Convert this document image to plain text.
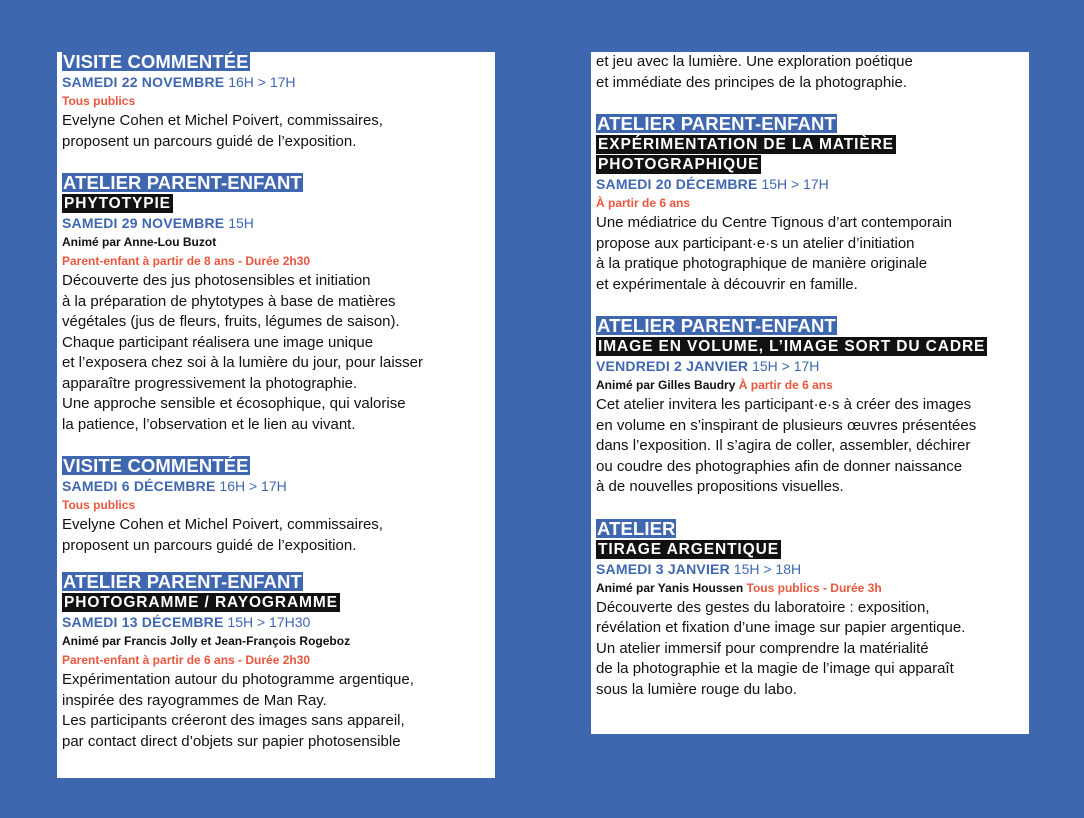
VISITE COMMENTÉE
SAMEDI 22 NOVEMBRE 16H > 17H
Tous publics

Evelyne Cohen et Michel Poivert, commissaires,
proposent un parcours guidé de l’exposition.

ATELIER PARENT-ENFANT
PHYTOTYPIE
SAMEDI 29 NOVEMBRE 15H
Animé par Anne-Lou Buzot
Parent-enfant à partir de 8 ans - Durée 2h30

Découverte des jus photosensibles et initiation
à la préparation de phytotypes à base de matières
végétales (jus de fleurs, fruits, légumes de saison).
Chaque participant réalisera une image unique
et l’exposera chez soi à la lumière du jour, pour laisser
apparaître progressivement la photographie.
Une approche sensible et écosophique, qui valorise
la patience, l’observation et le lien au vivant.

VISITE COMMENTÉE
SAMEDI 6 DÉCEMBRE 16H > 17H
Tous publics

Evelyne Cohen et Michel Poivert, commissaires,
proposent un parcours guidé de l’exposition.

ATELIER PARENT-ENFANT
PHOTOGRAMME / RAYOGRAMME
SAMEDI 13 DÉCEMBRE 15H > 17H30
Animé par Francis Jolly et Jean-François Rogeboz
Parent-enfant à partir de 6 ans - Durée 2h30

Expérimentation autour du photogramme argentique,
inspirée des rayogrammes de Man Ray.
Les participants créeront des images sans appareil,
par contact direct d’objets sur papier photosensible

et jeu avec la lumière. Une exploration poétique
et immédiate des principes de la photographie.
ATELIER PARENT-ENFANT
EXPÉRIMENTATION DE LA MATIÈRE
PHOTOGRAPHIQUE
SAMEDI 20 DÉCEMBRE 15H > 17H
À partir de 6 ans

Une médiatrice du Centre Tignous d’art contemporain
propose aux participant·e·s un atelier d’initiation
à la pratique photographique de manière originale
et expérimentale à découvrir en famille.

ATELIER PARENT-ENFANT
IMAGE EN VOLUME, L’IMAGE SORT DU CADRE
VENDREDI 2 JANVIER 15H > 17H
Animé par Gilles Baudry À partir de 6 ans

Cet atelier invitera les participant·e·s à créer des images
en volume en s’inspirant de plusieurs œuvres présentées
dans l’exposition. Il s’agira de coller, assembler, déchirer
ou coudre des photographies afin de donner naissance
à de nouvelles propositions visuelles.

ATELIER
TIRAGE ARGENTIQUE
SAMEDI 3 JANVIER 15H > 18H
Animé par Yanis Houssen Tous publics - Durée 3h

Découverte des gestes du laboratoire : exposition,
révélation et fixation d’une image sur papier argentique.
Un atelier immersif pour comprendre la matérialité
de la photographie et la magie de l’image qui apparaît
sous la lumière rouge du labo.
